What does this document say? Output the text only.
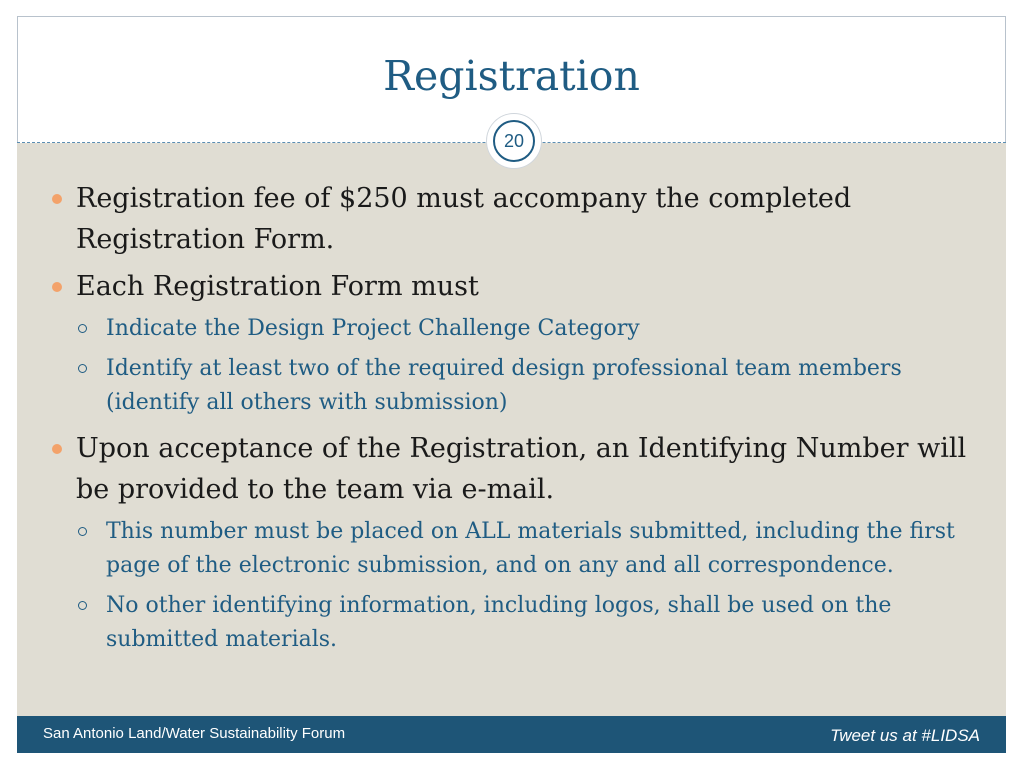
Registration
20
Registration fee of $250 must accompany the completed Registration Form.
Each Registration Form must
Indicate the Design Project Challenge Category
Identify at least two of the required design professional team members (identify all others with submission)
Upon acceptance of the Registration, an Identifying Number will be provided to the team via e-mail.
This number must be placed on ALL materials submitted, including the first page of the electronic submission, and on any and all correspondence.
No other identifying information, including logos, shall be used on the submitted materials.
San Antonio Land/Water Sustainability Forum	Tweet us at #LIDSA
